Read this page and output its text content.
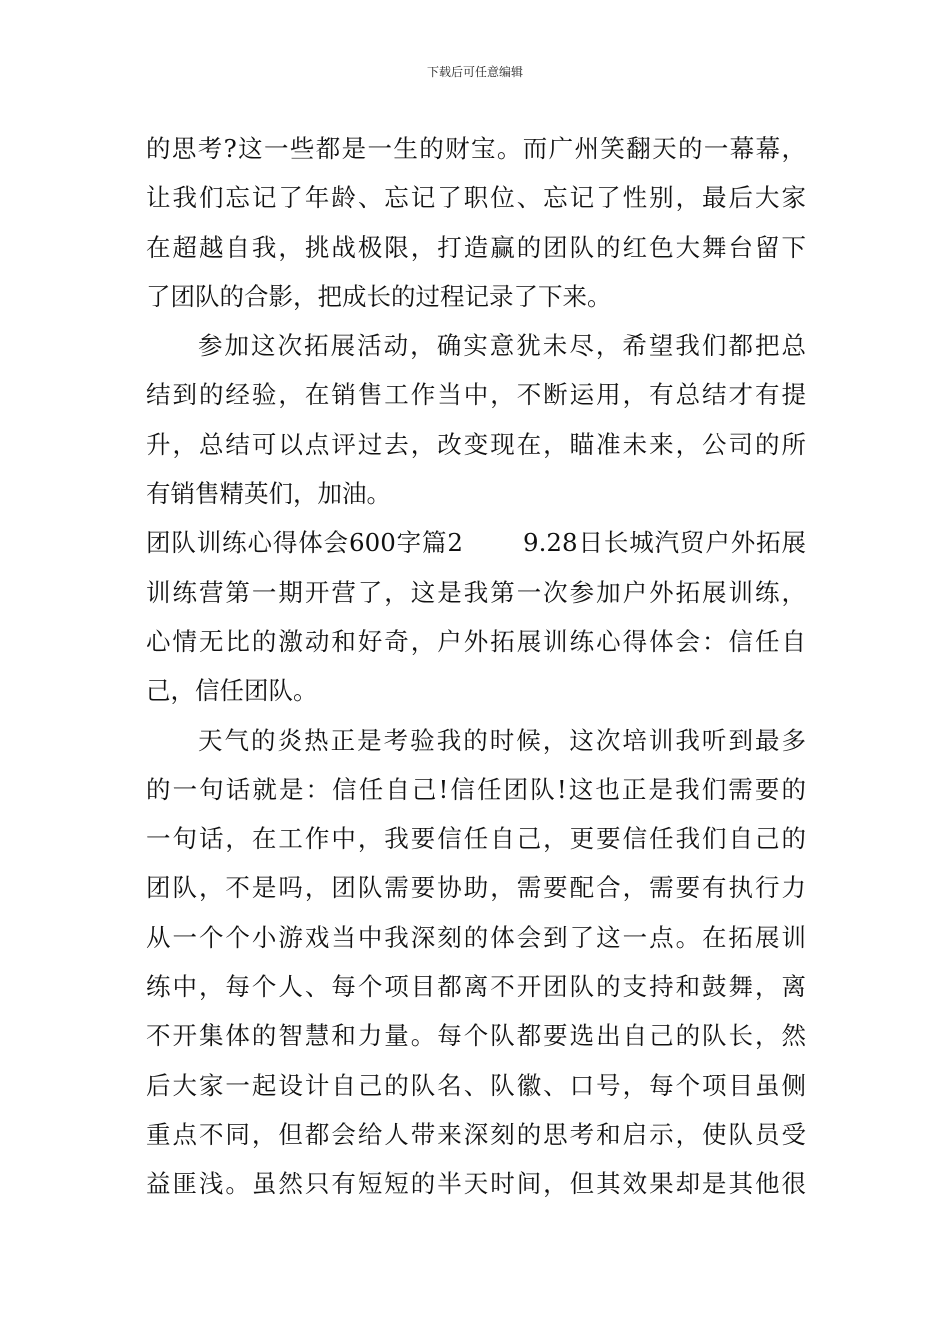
下载后可任意编辑
的思考?这一些都是一生的财宝。而广州笑翻天的一幕幕，
让我们忘记了年龄、忘记了职位、忘记了性别，最后大家
在超越自我，挑战极限，打造赢的团队的红色大舞台留下
了团队的合影，把成长的过程记录了下来。
参加这次拓展活动，确实意犹未尽，希望我们都把总
结到的经验，在销售工作当中，不断运用，有总结才有提
升，总结可以点评过去，改变现在，瞄准未来，公司的所
有销售精英们，加油。
团队训练心得体会600字篇2 9.28日长城汽贸户外拓展
训练营第一期开营了，这是我第一次参加户外拓展训练，
心情无比的激动和好奇，户外拓展训练心得体会：信任自
己，信任团队。
天气的炎热正是考验我的时候，这次培训我听到最多
的一句话就是：信任自己!信任团队!这也正是我们需要的
一句话，在工作中，我要信任自己，更要信任我们自己的
团队，不是吗，团队需要协助，需要配合，需要有执行力
从一个个小游戏当中我深刻的体会到了这一点。在拓展训
练中，每个人、每个项目都离不开团队的支持和鼓舞，离
不开集体的智慧和力量。每个队都要选出自己的队长，然
后大家一起设计自己的队名、队徽、口号，每个项目虽侧
重点不同，但都会给人带来深刻的思考和启示，使队员受
益匪浅。虽然只有短短的半天时间，但其效果却是其他很
